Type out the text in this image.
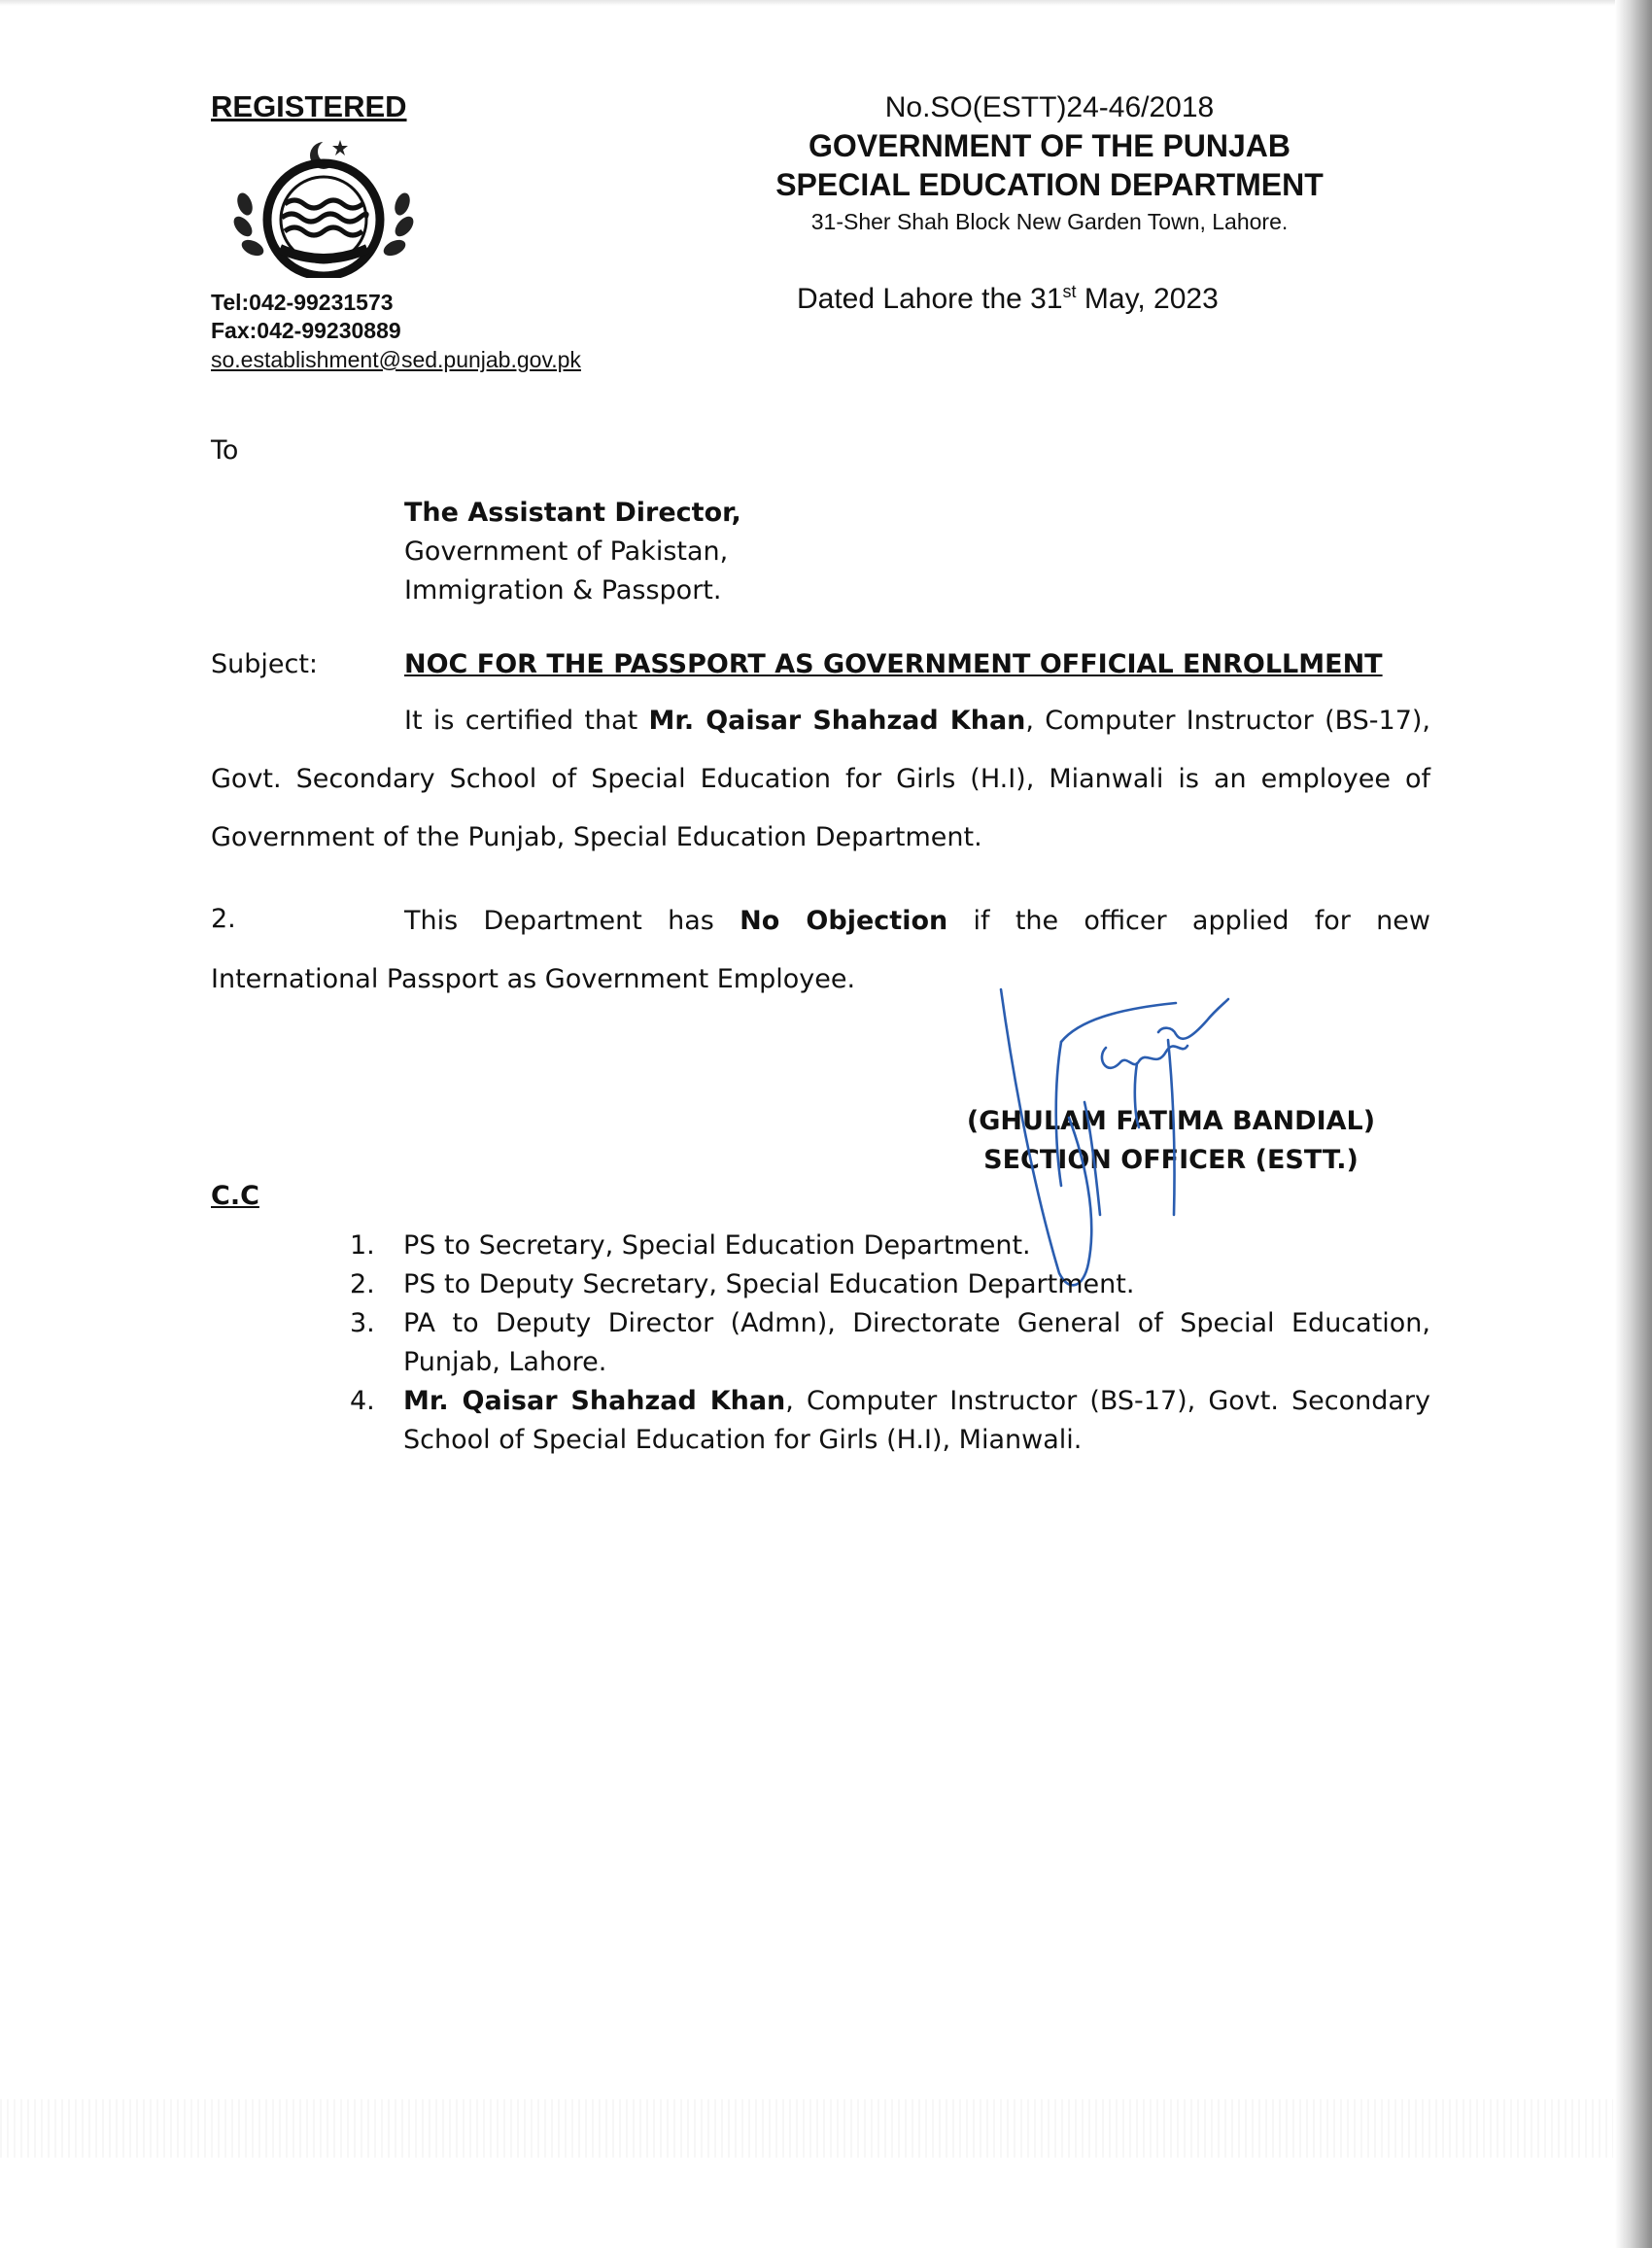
REGISTERED
Tel:042-99231573
Fax:042-99230889
so.establishment@sed.punjab.gov.pk
No.SO(ESTT)24-46/2018
GOVERNMENT OF THE PUNJAB
SPECIAL EDUCATION DEPARTMENT
31-Sher Shah Block New Garden Town, Lahore.
Dated Lahore the 31st May, 2023
To
The Assistant Director,
Government of Pakistan,
Immigration & Passport.
Subject:	NOC FOR THE PASSPORT AS GOVERNMENT OFFICIAL ENROLLMENT
It is certified that Mr. Qaisar Shahzad Khan, Computer Instructor (BS-17), Govt. Secondary School of Special Education for Girls (H.I), Mianwali is an employee of Government of the Punjab, Special Education Department.
2.	This Department has No Objection if the officer applied for new International Passport as Government Employee.
(GHULAM FATIMA BANDIAL)
SECTION OFFICER (ESTT.)
C.C
1. PS to Secretary, Special Education Department.
2. PS to Deputy Secretary, Special Education Department.
3. PA to Deputy Director (Admn), Directorate General of Special Education, Punjab, Lahore.
4. Mr. Qaisar Shahzad Khan, Computer Instructor (BS-17), Govt. Secondary School of Special Education for Girls (H.I), Mianwali.
